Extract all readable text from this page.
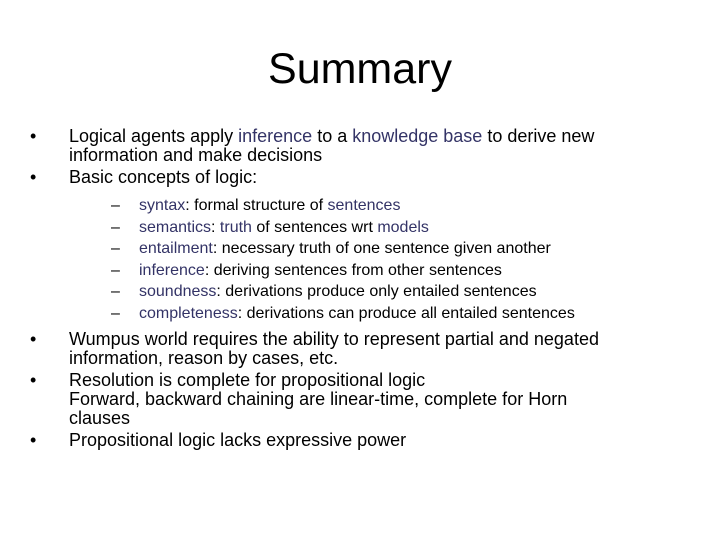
Summary
• Logical agents apply inference to a knowledge base to derive new
information and make decisions
• Basic concepts of logic:
– syntax: formal structure of sentences
– semantics: truth of sentences wrt models
– entailment: necessary truth of one sentence given another
– inference: deriving sentences from other sentences
– soundness: derivations produce only entailed sentences
– completeness: derivations can produce all entailed sentences
• Wumpus world requires the ability to represent partial and negated
information, reason by cases, etc.
• Resolution is complete for propositional logic
Forward, backward chaining are linear-time, complete for Horn
clauses
• Propositional logic lacks expressive power
